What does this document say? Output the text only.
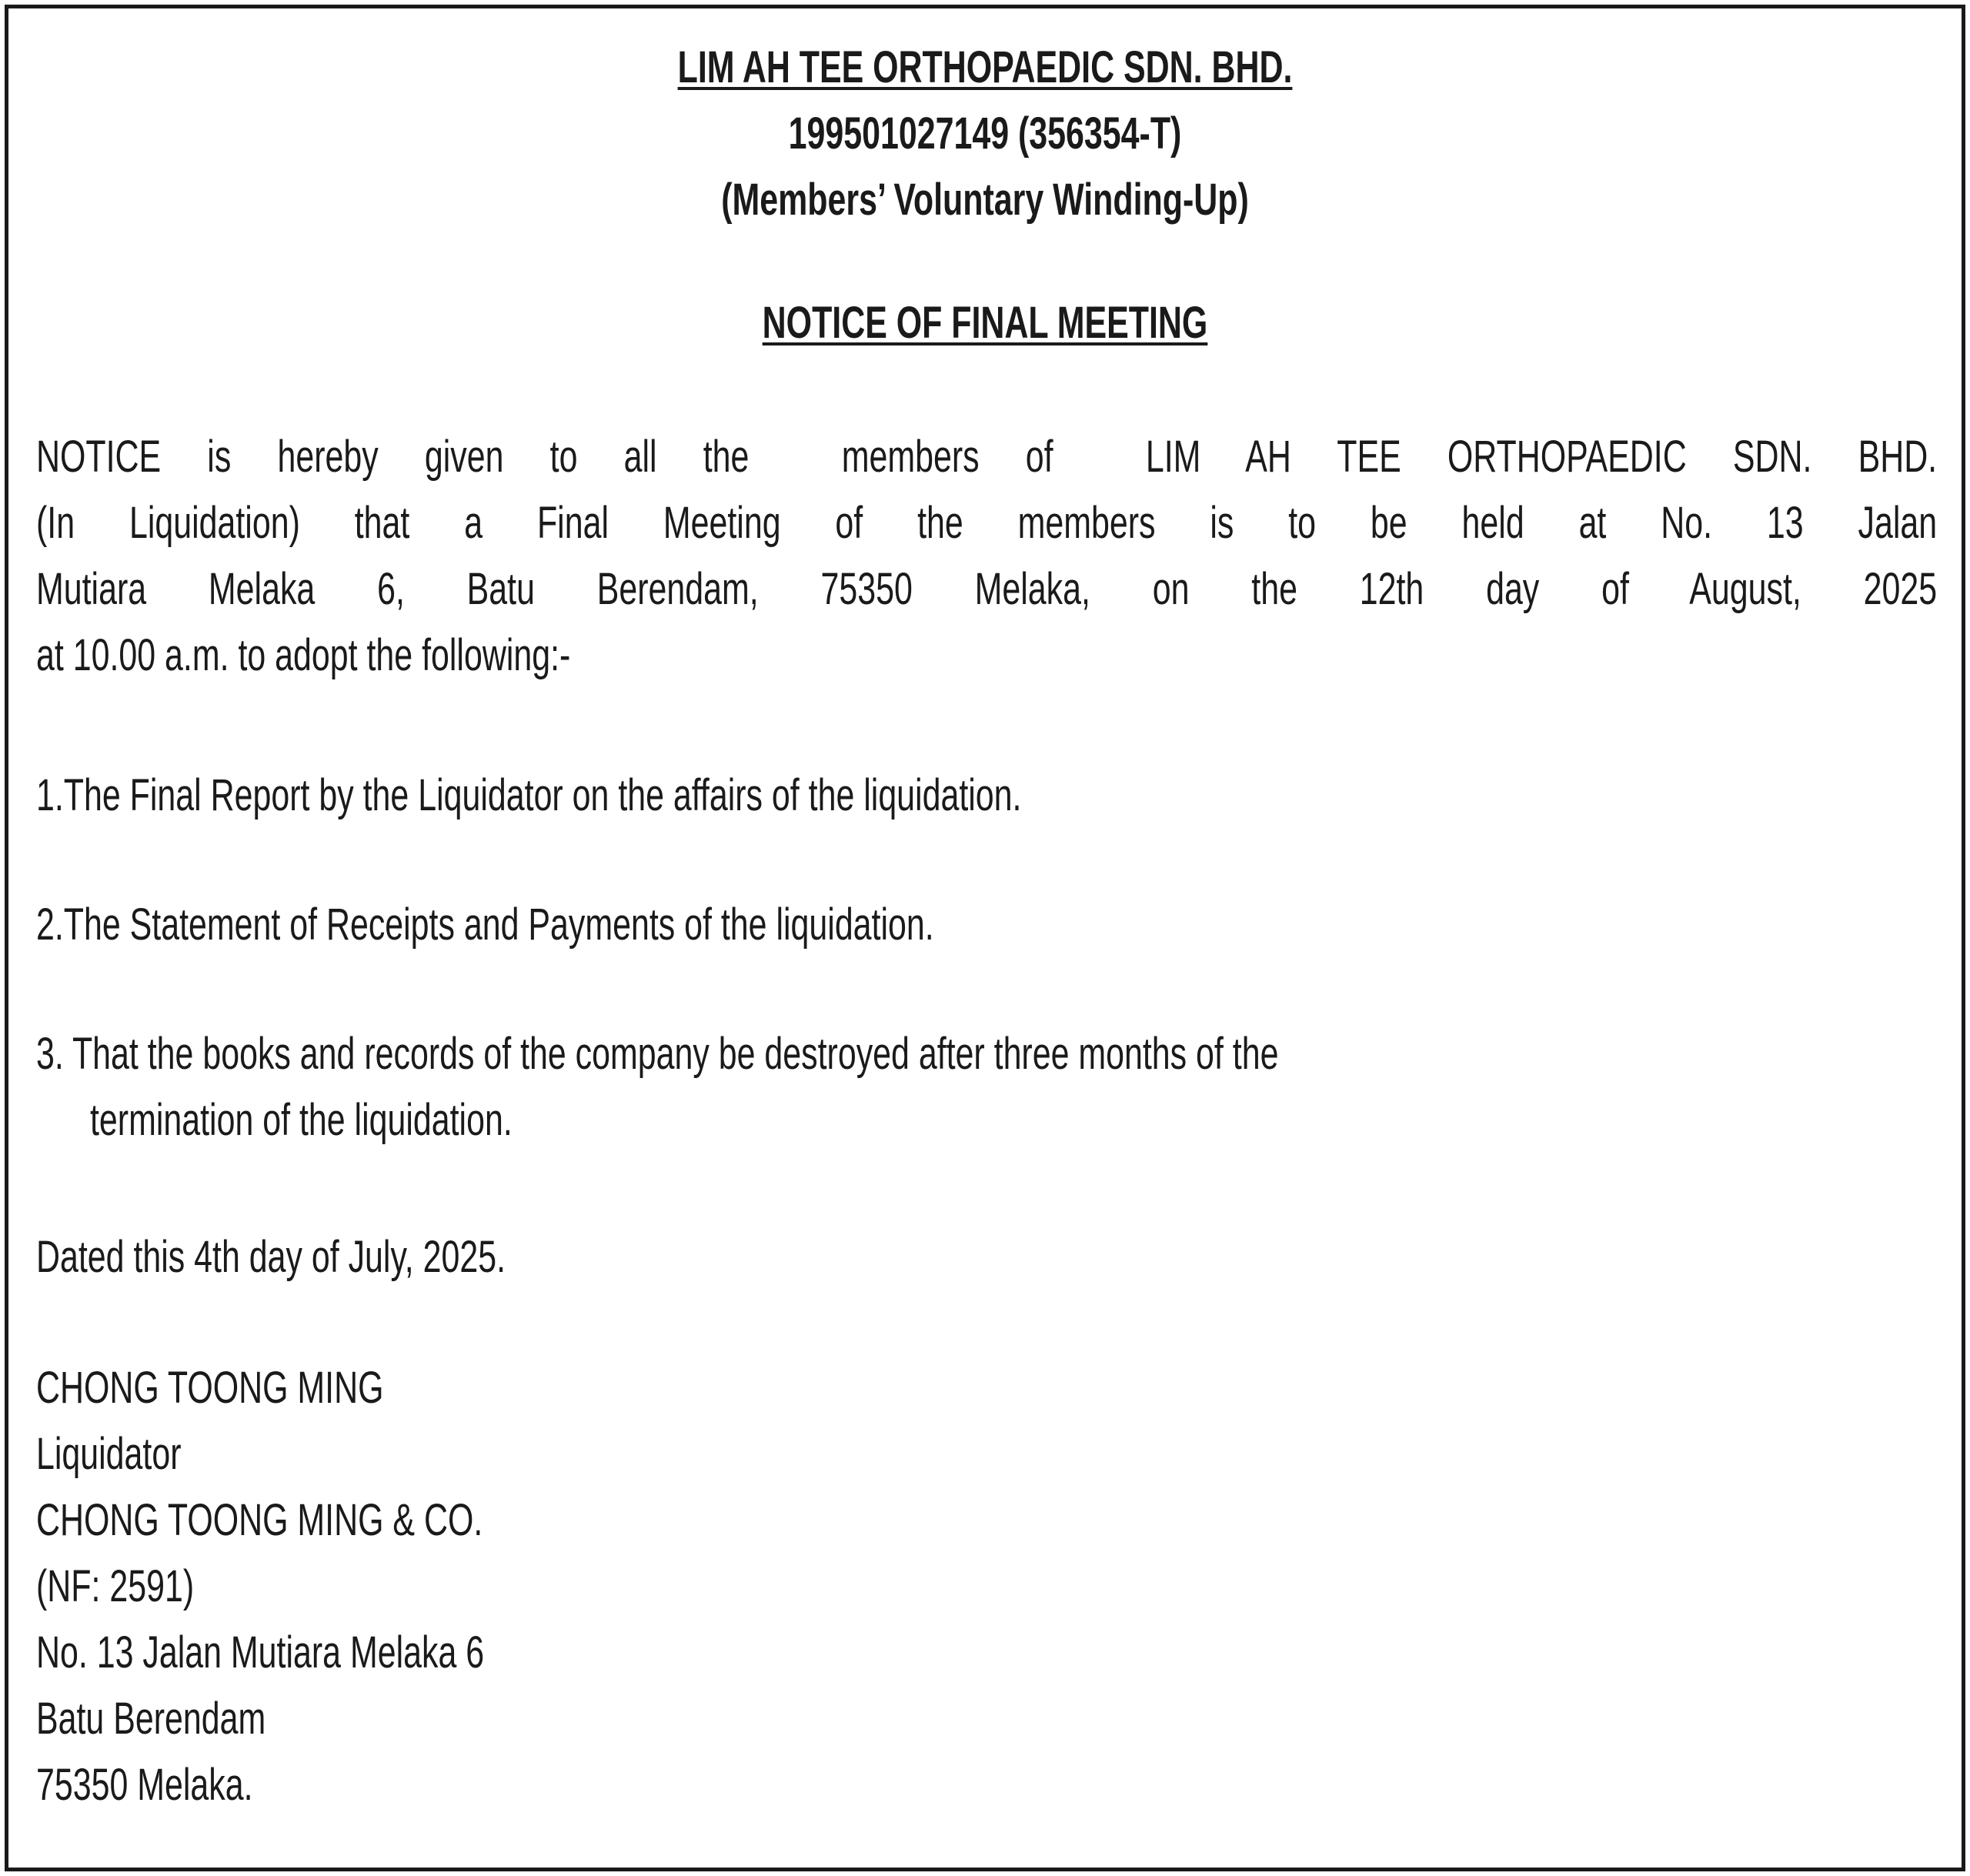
LIM AH TEE ORTHOPAEDIC SDN. BHD.
199501027149 (356354-T)
(Members’ Voluntary Winding-Up)
NOTICE OF FINAL MEETING
NOTICE is hereby given to all the  members of  LIM AH TEE ORTHOPAEDIC SDN. BHD.
(In Liquidation) that a Final Meeting of the members is to be held at No. 13 Jalan
Mutiara Melaka 6, Batu Berendam, 75350 Melaka, on the 12th day of August, 2025
at 10.00 a.m. to adopt the following:-
1.The Final Report by the Liquidator on the affairs of the liquidation.
2.The Statement of Receipts and Payments of the liquidation.
3. That the books and records of the company be destroyed after three months of the
termination of the liquidation.
Dated this 4th day of July, 2025.
CHONG TOONG MING
Liquidator
CHONG TOONG MING & CO.
(NF: 2591)
No. 13 Jalan Mutiara Melaka 6
Batu Berendam
75350 Melaka.
